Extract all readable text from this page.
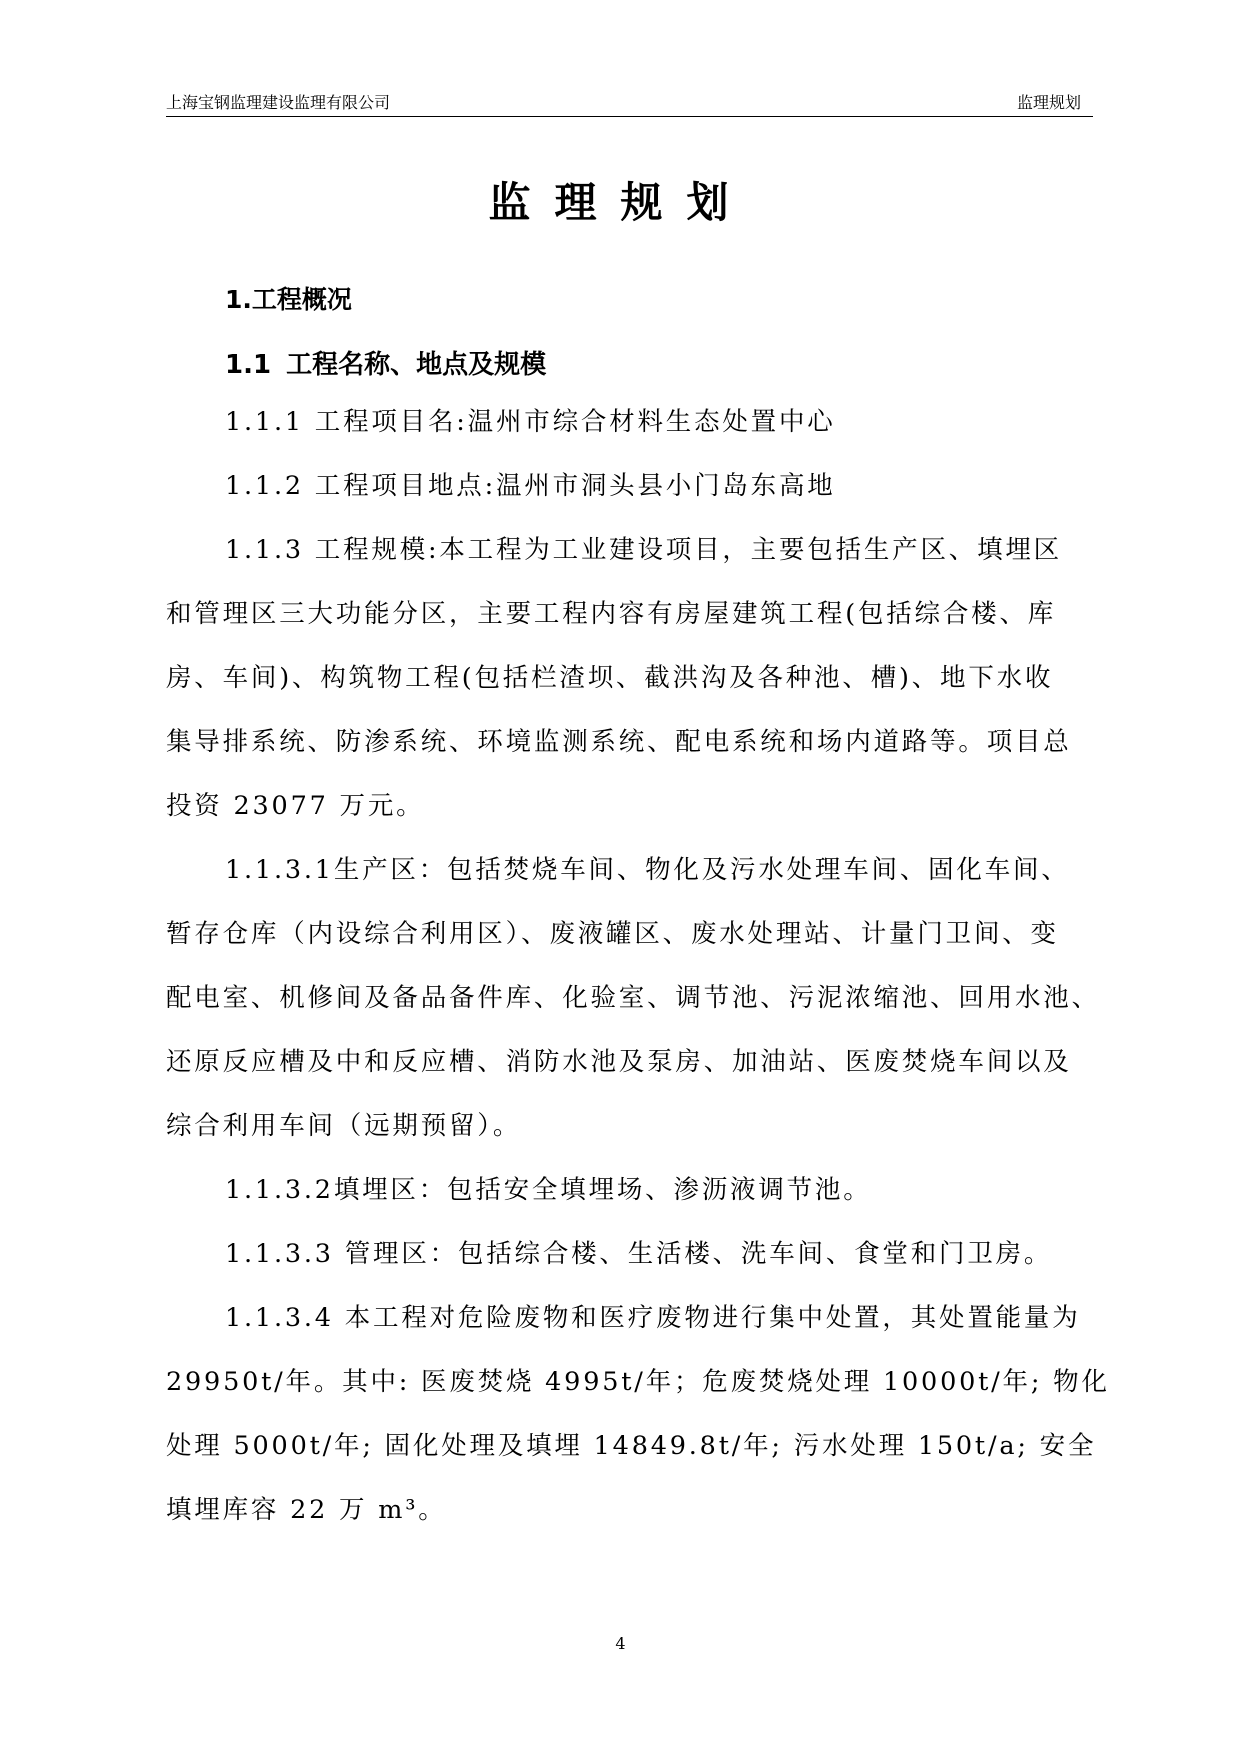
上海宝钢监理建设监理有限公司	监理规划
监理规划
1.工程概况
1.1 工程名称、地点及规模
1.1.1 工程项目名:温州市综合材料生态处置中心
1.1.2 工程项目地点:温州市洞头县小门岛东高地
1.1.3 工程规模:本工程为工业建设项目，主要包括生产区、填埋区
和管理区三大功能分区，主要工程内容有房屋建筑工程(包括综合楼、库
房、车间)、构筑物工程(包括栏渣坝、截洪沟及各种池、槽)、地下水收
集导排系统、防渗系统、环境监测系统、配电系统和场内道路等。项目总
投资 23077 万元。
1.1.3.1生产区：包括焚烧车间、物化及污水处理车间、固化车间、
暂存仓库（内设综合利用区）、废液罐区、废水处理站、计量门卫间、变
配电室、机修间及备品备件库、化验室、调节池、污泥浓缩池、回用水池、
还原反应槽及中和反应槽、消防水池及泵房、加油站、医废焚烧车间以及
综合利用车间（远期预留）。
1.1.3.2填埋区：包括安全填埋场、渗沥液调节池。
1.1.3.3 管理区：包括综合楼、生活楼、洗车间、食堂和门卫房。
1.1.3.4 本工程对危险废物和医疗废物进行集中处置，其处置能量为
29950t/年。其中: 医废焚烧 4995t/年；危废焚烧处理 10000t/年; 物化
处理 5000t/年; 固化处理及填埋 14849.8t/年; 污水处理 150t/a; 安全
填埋库容 22 万 m³。
4
